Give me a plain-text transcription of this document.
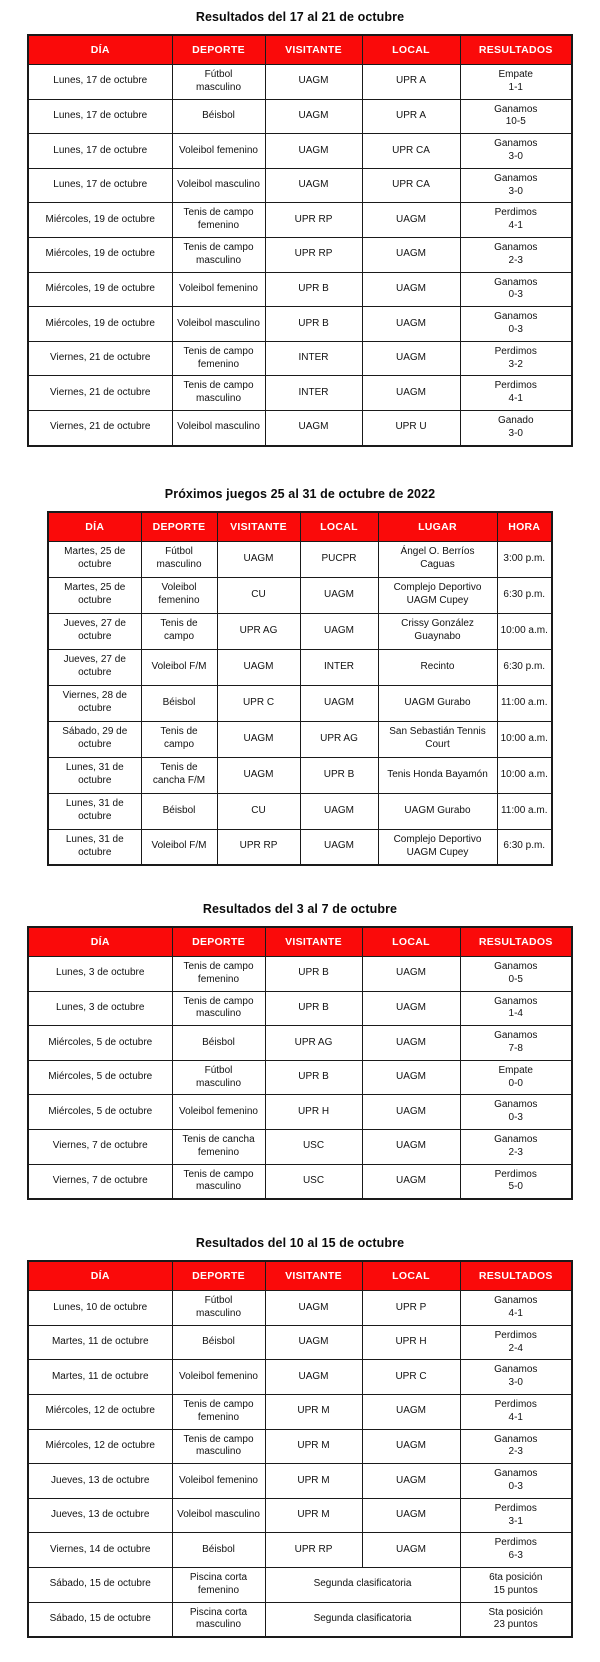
Resultados del 17 al 21 de octubre
DÍA	DEPORTE	VISITANTE	LOCAL	RESULTADOS
Lunes, 17 de octubre	Fútbol
masculino	UAGM	UPR A	Empate
1-1

Lunes, 17 de octubre	Béisbol	UAGM	UPR A	Ganamos
10-5

Lunes, 17 de octubre	Voleibol femenino	UAGM	UPR CA	Ganamos
3-0

Lunes, 17 de octubre	Voleibol masculino	UAGM	UPR CA	Ganamos
3-0

Miércoles, 19 de octubre	Tenis de campo
femenino	UPR RP	UAGM	Perdimos
4-1

Miércoles, 19 de octubre	Tenis de campo
masculino	UPR RP	UAGM	Ganamos
2-3

Miércoles, 19 de octubre	Voleibol femenino	UPR B	UAGM	Ganamos
0-3

Miércoles, 19 de octubre	Voleibol masculino	UPR B	UAGM	Ganamos
0-3

Viernes, 21 de octubre	Tenis de campo
femenino	INTER	UAGM	Perdimos
3-2

Viernes, 21 de octubre	Tenis de campo
masculino	INTER	UAGM	Perdimos
4-1

Viernes, 21 de octubre	Voleibol masculino	UAGM	UPR U	Ganado
3-0
Próximos juegos 25 al 31 de octubre de 2022
DÍA	DEPORTE	VISITANTE	LOCAL	LUGAR	HORA
Martes, 25 de
octubre	Fútbol
masculino	UAGM	PUCPR	Ángel O. Berríos
Caguas	3:00 p.m.
Martes, 25 de
octubre	Voleibol
femenino	CU	UAGM	Complejo Deportivo
UAGM Cupey	6:30 p.m.
Jueves, 27 de
octubre	Tenis de
campo	UPR AG	UAGM	Crissy González
Guaynabo	10:00 a.m.
Jueves, 27 de
octubre	Voleibol F/M	UAGM	INTER	Recinto	6:30 p.m.
Viernes, 28 de
octubre	Béisbol	UPR C	UAGM	UAGM Gurabo	11:00 a.m.
Sábado, 29 de
octubre	Tenis de
campo	UAGM	UPR AG	San Sebastián Tennis
Court	10:00 a.m.
Lunes, 31 de
octubre	Tenis de
cancha F/M	UAGM	UPR B	Tenis Honda Bayamón	10:00 a.m.
Lunes, 31 de
octubre	Béisbol	CU	UAGM	UAGM Gurabo	11:00 a.m.
Lunes, 31 de
octubre	Voleibol F/M	UPR RP	UAGM	Complejo Deportivo
UAGM Cupey	6:30 p.m.
Resultados del 3 al 7 de octubre
DÍA	DEPORTE	VISITANTE	LOCAL	RESULTADOS
Lunes, 3 de octubre	Tenis de campo
femenino	UPR B	UAGM	Ganamos
0-5

Lunes, 3 de octubre	Tenis de campo
masculino	UPR B	UAGM	Ganamos
1-4

Miércoles, 5 de octubre	Béisbol	UPR AG	UAGM	Ganamos
7-8

Miércoles, 5 de octubre	Fútbol
masculino	UPR B	UAGM	Empate
0-0

Miércoles, 5 de octubre	Voleibol femenino	UPR H	UAGM	Ganamos
0-3

Viernes, 7 de octubre	Tenis de cancha
femenino	USC	UAGM	Ganamos
2-3

Viernes, 7 de octubre	Tenis de campo
masculino	USC	UAGM	Perdimos
5-0
Resultados del 10 al 15 de octubre
DÍA	DEPORTE	VISITANTE	LOCAL	RESULTADOS
Lunes, 10 de octubre	Fútbol
masculino	UAGM	UPR P	Ganamos
4-1

Martes, 11 de octubre	Béisbol	UAGM	UPR H	Perdimos
2-4

Martes, 11 de octubre	Voleibol femenino	UAGM	UPR C	Ganamos
3-0

Miércoles, 12 de octubre	Tenis de campo
femenino	UPR M	UAGM	Perdimos
4-1

Miércoles, 12 de octubre	Tenis de campo
masculino	UPR M	UAGM	Ganamos
2-3

Jueves, 13 de octubre	Voleibol femenino	UPR M	UAGM	Ganamos
0-3

Jueves, 13 de octubre	Voleibol masculino	UPR M	UAGM	Perdimos
3-1

Viernes, 14 de octubre	Béisbol	UPR RP	UAGM	Perdimos
6-3

Sábado, 15 de octubre	Piscina corta
femenino	Segunda clasificatoria		6ta posición
15 puntos

Sábado, 15 de octubre	Piscina corta
masculino	Segunda clasificatoria		Sta posición
23 puntos
